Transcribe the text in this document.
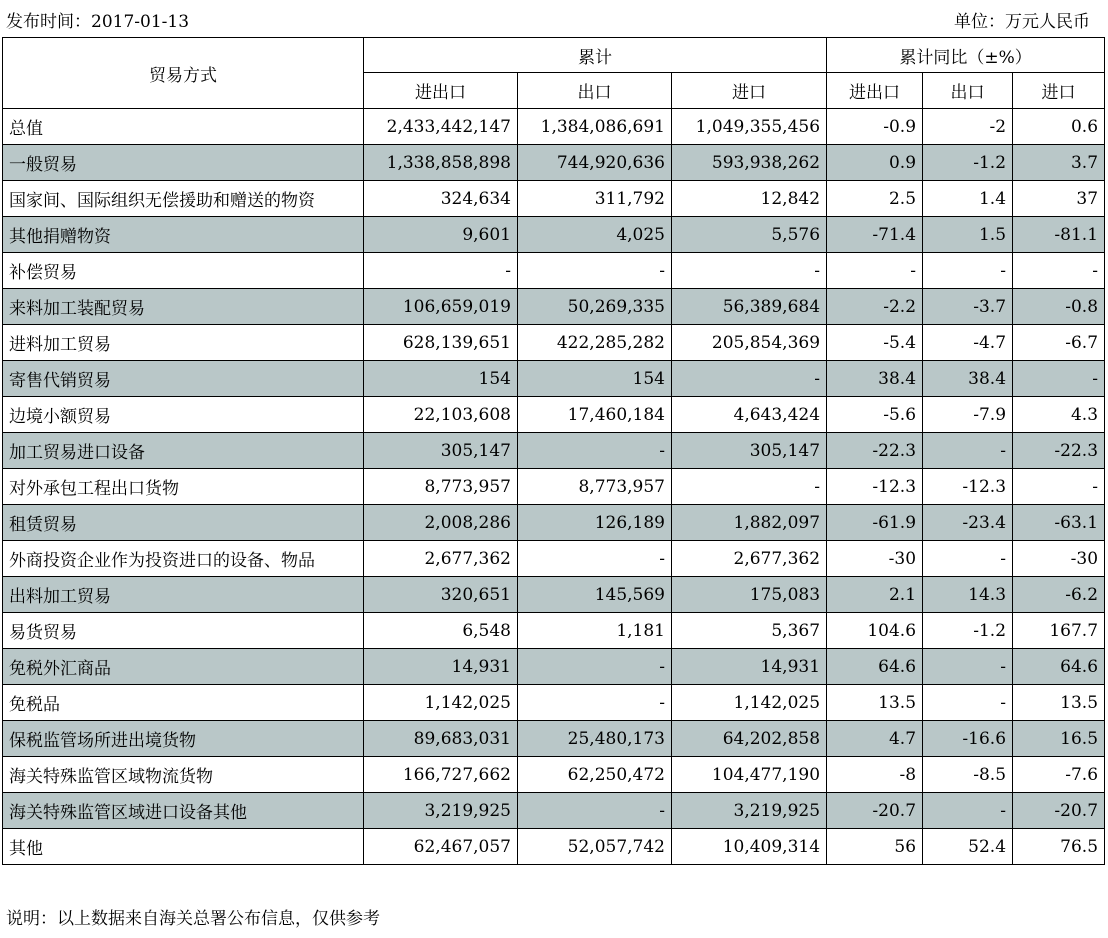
发布时间：2017-01-13	单位：万元人民币
贸易方式	累计			累计同比（±%）		
	进出口	出口	进口	进出口	出口	进口
总值	2,433,442,147	1,384,086,691	1,049,355,456	-0.9	-2	0.6
一般贸易	1,338,858,898	744,920,636	593,938,262	0.9	-1.2	3.7
国家间、国际组织无偿援助和赠送的物资	324,634	311,792	12,842	2.5	1.4	37
其他捐赠物资	9,601	4,025	5,576	-71.4	1.5	-81.1
补偿贸易	-	-	-	-	-	-
来料加工装配贸易	106,659,019	50,269,335	56,389,684	-2.2	-3.7	-0.8
进料加工贸易	628,139,651	422,285,282	205,854,369	-5.4	-4.7	-6.7
寄售代销贸易	154	154	-	38.4	38.4	-
边境小额贸易	22,103,608	17,460,184	4,643,424	-5.6	-7.9	4.3
加工贸易进口设备	305,147	-	305,147	-22.3	-	-22.3
对外承包工程出口货物	8,773,957	8,773,957	-	-12.3	-12.3	-
租赁贸易	2,008,286	126,189	1,882,097	-61.9	-23.4	-63.1
外商投资企业作为投资进口的设备、物品	2,677,362	-	2,677,362	-30	-	-30
出料加工贸易	320,651	145,569	175,083	2.1	14.3	-6.2
易货贸易	6,548	1,181	5,367	104.6	-1.2	167.7
免税外汇商品	14,931	-	14,931	64.6	-	64.6
免税品	1,142,025	-	1,142,025	13.5	-	13.5
保税监管场所进出境货物	89,683,031	25,480,173	64,202,858	4.7	-16.6	16.5
海关特殊监管区域物流货物	166,727,662	62,250,472	104,477,190	-8	-8.5	-7.6
海关特殊监管区域进口设备其他	3,219,925	-	3,219,925	-20.7	-	-20.7
其他	62,467,057	52,057,742	10,409,314	56	52.4	76.5
说明：以上数据来自海关总署公布信息，仅供参考
